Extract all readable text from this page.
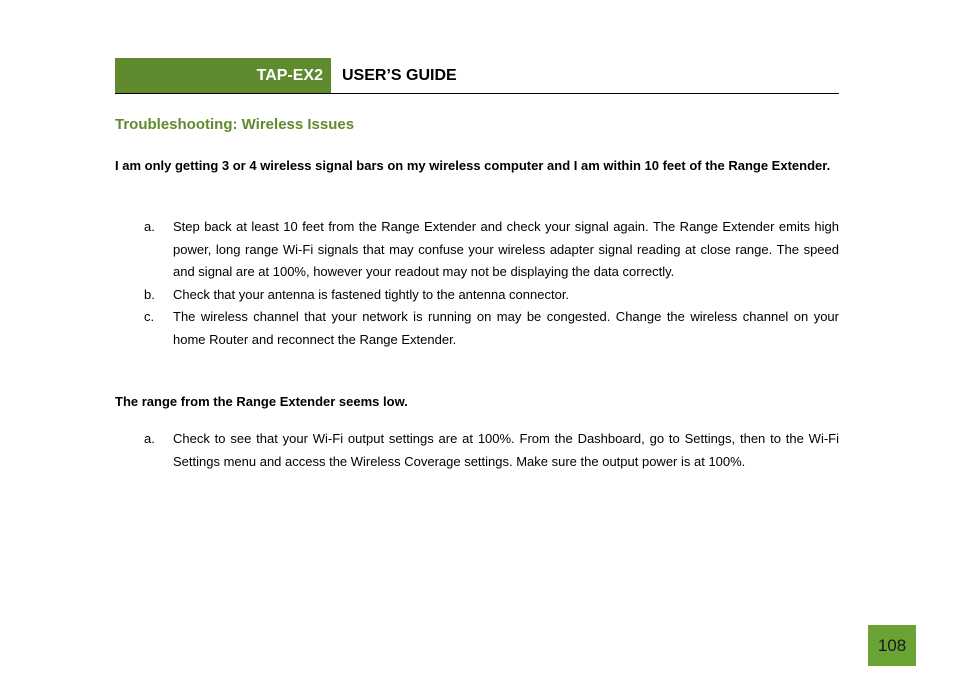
TAP-EX2	USER’S GUIDE
Troubleshooting: Wireless Issues

I am only getting 3 or 4 wireless signal bars on my wireless computer and I am within 10 feet of the Range Extender.

a. Step back at least 10 feet from the Range Extender and check your signal again. The Range Extender emits high power, long range Wi-Fi signals that may confuse your wireless adapter signal reading at close range. The speed and signal are at 100%, however your readout may not be displaying the data correctly.
b. Check that your antenna is fastened tightly to the antenna connector.
c. The wireless channel that your network is running on may be congested. Change the wireless channel on your home Router and reconnect the Range Extender.

The range from the Range Extender seems low.

a. Check to see that your Wi-Fi output settings are at 100%. From the Dashboard, go to Settings, then to the Wi-Fi Settings menu and access the Wireless Coverage settings. Make sure the output power is at 100%.
108
